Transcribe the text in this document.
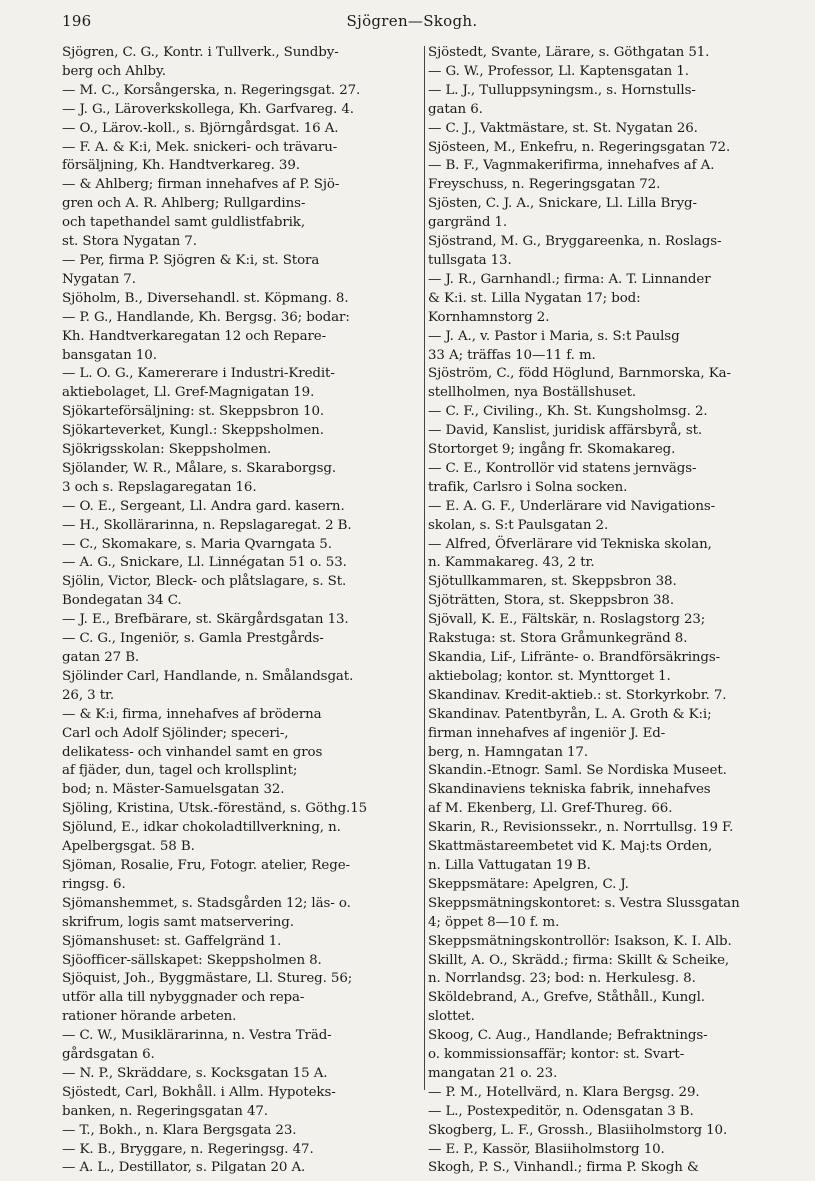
196	Sjögren—Skogh.
Sjögren, C. G., Kontr. i Tullverk., Sundby-
berg och Ahlby.
— M. C., Korsångerska, n. Regeringsgat. 27.
— J. G., Läroverkskollega, Kh. Garfvareg. 4.
— O., Lärov.-koll., s. Björngårdsgat. 16 A.
— F. A. & K:i, Mek. snickeri- och trävaru-
försäljning, Kh. Handtverkareg. 39.
— & Ahlberg; firman innehafves af P. Sjö-
gren och A. R. Ahlberg; Rullgardins-
och tapethandel samt guldlistfabrik,
st. Stora Nygatan 7.
— Per, firma P. Sjögren & K:i, st. Stora
Nygatan 7.
Sjöholm, B., Diversehandl. st. Köpmang. 8.
— P. G., Handlande, Kh. Bergsg. 36; bodar:
Kh. Handtverkaregatan 12 och Repare-
bansgatan 10.
— L. O. G., Kamererare i Industri-Kredit-
aktiebolaget, Ll. Gref-Magnigatan 19.
Sjökarteförsäljning: st. Skeppsbron 10.
Sjökarteverket, Kungl.: Skeppsholmen.
Sjökrigsskolan: Skeppsholmen.
Sjölander, W. R., Målare, s. Skaraborgsg.
3 och s. Repslagaregatan 16.
— O. E., Sergeant, Ll. Andra gard. kasern.
— H., Skollärarinna, n. Repslagaregat. 2 B.
— C., Skomakare, s. Maria Qvarngata 5.
— A. G., Snickare, Ll. Linnégatan 51 o. 53.
Sjölin, Victor, Bleck- och plåtslagare, s. St.
Bondegatan 34 C.
— J. E., Brefbärare, st. Skärgårdsgatan 13.
— C. G., Ingeniör, s. Gamla Prestgårds-
gatan 27 B.
Sjölinder Carl, Handlande, n. Smålandsgat.
26, 3 tr.
— & K:i, firma, innehafves af bröderna
Carl och Adolf Sjölinder; speceri-,
delikatess- och vinhandel samt en gros
af fjäder, dun, tagel och krollsplint;
bod; n. Mäster-Samuelsgatan 32.
Sjöling, Kristina, Utsk.-föreständ, s. Göthg.15
Sjölund, E., idkar chokoladtillverkning, n.
Apelbergsgat. 58 B.
Sjöman, Rosalie, Fru, Fotogr. atelier, Rege-
ringsg. 6.
Sjömanshemmet, s. Stadsgården 12; läs- o.
skrifrum, logis samt matservering.
Sjömanshuset: st. Gaffelgränd 1.
Sjöofficer-sällskapet: Skeppsholmen 8.
Sjöquist, Joh., Byggmästare, Ll. Stureg. 56;
utför alla till nybyggnader och repa-
rationer hörande arbeten.
— C. W., Musiklärarinna, n. Vestra Träd-
gårdsgatan 6.
— N. P., Skräddare, s. Kocksgatan 15 A.
Sjöstedt, Carl, Bokhåll. i Allm. Hypoteks-
banken, n. Regeringsgatan 47.
— T., Bokh., n. Klara Bergsgata 23.
— K. B., Bryggare, n. Regeringsg. 47.
— A. L., Destillator, s. Pilgatan 20 A.
Sjöstedt, Svante, Lärare, s. Göthgatan 51.
— G. W., Professor, Ll. Kaptensgatan 1.
— L. J., Tulluppsyningsm., s. Hornstulls-
gatan 6.
— C. J., Vaktmästare, st. St. Nygatan 26.
Sjösteen, M., Enkefru, n. Regeringsgatan 72.
— B. F., Vagnmakerifirma, innehafves af A.
Freyschuss, n. Regeringsgatan 72.
Sjösten, C. J. A., Snickare, Ll. Lilla Bryg-
gargränd 1.
Sjöstrand, M. G., Bryggareenka, n. Roslags-
tullsgata 13.
— J. R., Garnhandl.; firma: A. T. Linnander
& K:i. st. Lilla Nygatan 17; bod:
Kornhamnstorg 2.
— J. A., v. Pastor i Maria, s. S:t Paulsg
33 A; träffas 10—11 f. m.
Sjöström, C., född Höglund, Barnmorska, Ka-
stellholmen, nya Boställshuset.
— C. F., Civiling., Kh. St. Kungsholmsg. 2.
— David, Kanslist, juridisk affärsbyrå, st.
Stortorget 9; ingång fr. Skomakareg.
— C. E., Kontrollör vid statens jernvägs-
trafik, Carlsro i Solna socken.
— E. A. G. F., Underlärare vid Navigations-
skolan, s. S:t Paulsgatan 2.
— Alfred, Öfverlärare vid Tekniska skolan,
n. Kammakareg. 43, 2 tr.
Sjötullkammaren, st. Skeppsbron 38.
Sjöträtten, Stora, st. Skeppsbron 38.
Sjövall, K. E., Fältskär, n. Roslagstorg 23;
Rakstuga: st. Stora Gråmunkegränd 8.
Skandia, Lif-, Lifränte- o. Brandförsäkrings-
aktiebolag; kontor. st. Mynttorget 1.
Skandinav. Kredit-aktieb.: st. Storkyrkobr. 7.
Skandinav. Patentbyrån, L. A. Groth & K:i;
firman innehafves af ingeniör J. Ed-
berg, n. Hamngatan 17.
Skandin.-Etnogr. Saml. Se Nordiska Museet.
Skandinaviens tekniska fabrik, innehafves
af M. Ekenberg, Ll. Gref-Thureg. 66.
Skarin, R., Revisionssekr., n. Norrtullsg. 19 F.
Skattmästareembetet vid K. Maj:ts Orden,
n. Lilla Vattugatan 19 B.
Skeppsmätare: Apelgren, C. J.
Skeppsmätningskontoret: s. Vestra Slussgatan
4; öppet 8—10 f. m.
Skeppsmätningskontrollör: Isakson, K. I. Alb.
Skillt, A. O., Skrädd.; firma: Skillt & Scheike,
n. Norrlandsg. 23; bod: n. Herkulesg. 8.
Sköldebrand, A., Grefve, Ståthåll., Kungl.
slottet.
Skoog, C. Aug., Handlande; Befraktnings-
o. kommissionsaffär; kontor: st. Svart-
mangatan 21 o. 23.
— P. M., Hotellvärd, n. Klara Bergsg. 29.
— L., Postexpeditör, n. Odensgatan 3 B.
Skogberg, L. F., Grossh., Blasiiholmstorg 10.
— E. P., Kassör, Blasiiholmstorg 10.
Skogh, P. S., Vinhandl.; firma P. Skogh &
